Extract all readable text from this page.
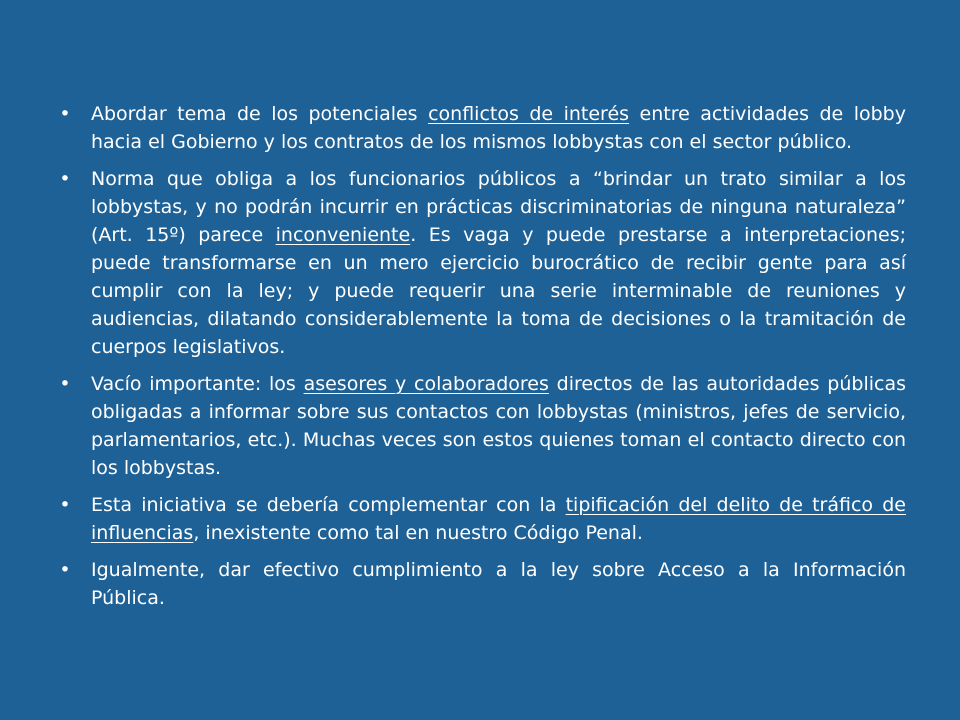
• Abordar tema de los potenciales conflictos de interés entre actividades de lobby hacia el Gobierno y los contratos de los mismos lobbystas con el sector público.
• Norma que obliga a los funcionarios públicos a “brindar un trato similar a los lobbystas, y no podrán incurrir en prácticas discriminatorias de ninguna naturaleza” (Art. 15º) parece inconveniente. Es vaga y puede prestarse a interpretaciones; puede transformarse en un mero ejercicio burocrático de recibir gente para así cumplir con la ley; y puede requerir una serie interminable de reuniones y audiencias, dilatando considerablemente la toma de decisiones o la tramitación de cuerpos legislativos.
• Vacío importante: los asesores y colaboradores directos de las autoridades públicas obligadas a informar sobre sus contactos con lobbystas (ministros, jefes de servicio, parlamentarios, etc.). Muchas veces son estos quienes toman el contacto directo con los lobbystas.
• Esta iniciativa se debería complementar con la tipificación del delito de tráfico de influencias, inexistente como tal en nuestro Código Penal.
• Igualmente, dar efectivo cumplimiento a la ley sobre Acceso a la Información Pública.
